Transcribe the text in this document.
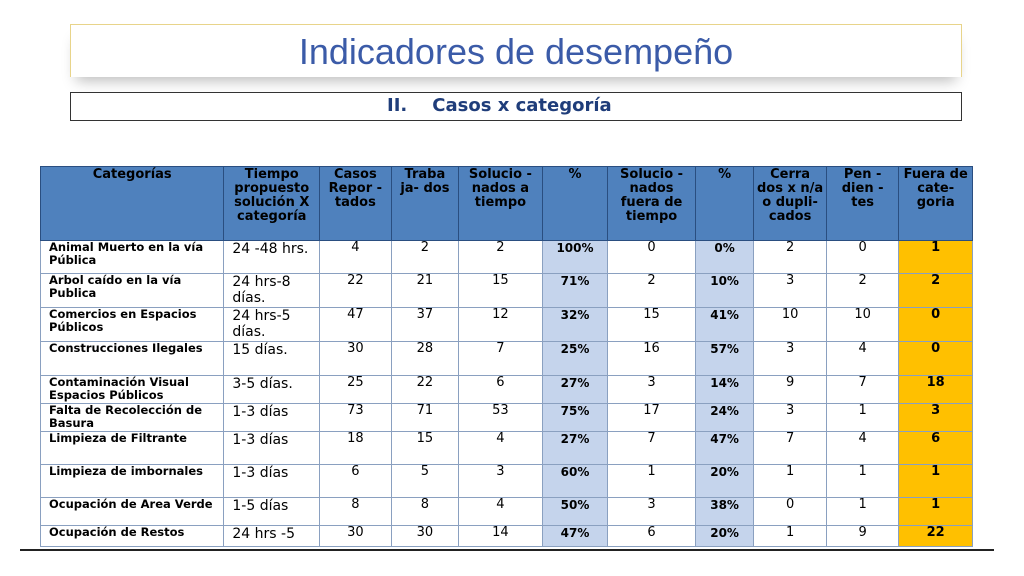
Indicadores de desempeño
II.    Casos x categoría
Categorías	Tiempo propuesto solución X categoría	Casos Repor -tados	Traba ja- dos	Solucio -nados a tiempo	%	Solucio -nados fuera de tiempo	%	Cerra dos x n/a o dupli- cados	Pen - dien - tes	Fuera de cate- goria
Animal Muerto en la vía Pública	24 -48 hrs.	4	2	2	100%	0	0%	2	0	1
Arbol caído en la vía Publica	24 hrs-8 días.	22	21	15	71%	2	10%	3	2	2
Comercios en Espacios Públicos	24 hrs-5 días.	47	37	12	32%	15	41%	10	10	0
Construcciones Ilegales	15 días.	30	28	7	25%	16	57%	3	4	0
Contaminación Visual Espacios Públicos	3-5 días.	25	22	6	27%	3	14%	9	7	18
Falta de Recolección de Basura	1-3 días	73	71	53	75%	17	24%	3	1	3
Limpieza de Filtrante	1-3 días	18	15	4	27%	7	47%	7	4	6
Limpieza de imbornales	1-3 días	6	5	3	60%	1	20%	1	1	1
Ocupación de Area Verde	1-5 días	8	8	4	50%	3	38%	0	1	1
Ocupación de Restos	24 hrs -5	30	30	14	47%	6	20%	1	9	22
